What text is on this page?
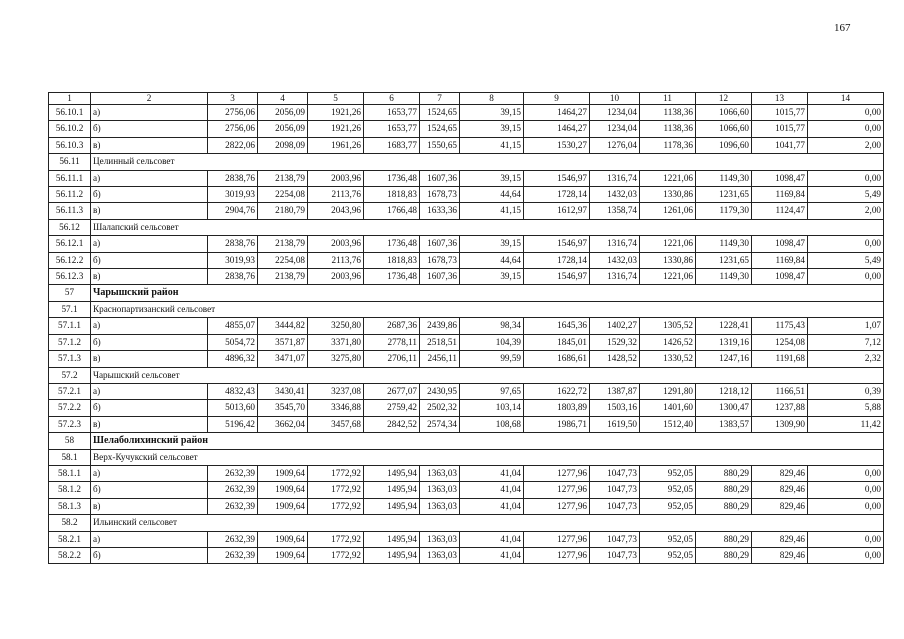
167
1	2	3	4	5	6	7	8	9	10	11	12	13	14
56.10.1	а)	2756,06	2056,09	1921,26	1653,77	1524,65	39,15	1464,27	1234,04	1138,36	1066,60	1015,77	0,00
56.10.2	б)	2756,06	2056,09	1921,26	1653,77	1524,65	39,15	1464,27	1234,04	1138,36	1066,60	1015,77	0,00
56.10.3	в)	2822,06	2098,09	1961,26	1683,77	1550,65	41,15	1530,27	1276,04	1178,36	1096,60	1041,77	2,00
56.11	Целинный сельсовет												
56.11.1	а)	2838,76	2138,79	2003,96	1736,48	1607,36	39,15	1546,97	1316,74	1221,06	1149,30	1098,47	0,00
56.11.2	б)	3019,93	2254,08	2113,76	1818,83	1678,73	44,64	1728,14	1432,03	1330,86	1231,65	1169,84	5,49
56.11.3	в)	2904,76	2180,79	2043,96	1766,48	1633,36	41,15	1612,97	1358,74	1261,06	1179,30	1124,47	2,00
56.12	Шалапский сельсовет												
56.12.1	а)	2838,76	2138,79	2003,96	1736,48	1607,36	39,15	1546,97	1316,74	1221,06	1149,30	1098,47	0,00
56.12.2	б)	3019,93	2254,08	2113,76	1818,83	1678,73	44,64	1728,14	1432,03	1330,86	1231,65	1169,84	5,49
56.12.3	в)	2838,76	2138,79	2003,96	1736,48	1607,36	39,15	1546,97	1316,74	1221,06	1149,30	1098,47	0,00
57	Чарышский район												
57.1	Краснопартизанский сельсовет												
57.1.1	а)	4855,07	3444,82	3250,80	2687,36	2439,86	98,34	1645,36	1402,27	1305,52	1228,41	1175,43	1,07
57.1.2	б)	5054,72	3571,87	3371,80	2778,11	2518,51	104,39	1845,01	1529,32	1426,52	1319,16	1254,08	7,12
57.1.3	в)	4896,32	3471,07	3275,80	2706,11	2456,11	99,59	1686,61	1428,52	1330,52	1247,16	1191,68	2,32
57.2	Чарышский сельсовет												
57.2.1	а)	4832,43	3430,41	3237,08	2677,07	2430,95	97,65	1622,72	1387,87	1291,80	1218,12	1166,51	0,39
57.2.2	б)	5013,60	3545,70	3346,88	2759,42	2502,32	103,14	1803,89	1503,16	1401,60	1300,47	1237,88	5,88
57.2.3	в)	5196,42	3662,04	3457,68	2842,52	2574,34	108,68	1986,71	1619,50	1512,40	1383,57	1309,90	11,42
58	Шелаболихинский район												
58.1	Верх-Кучукский сельсовет												
58.1.1	а)	2632,39	1909,64	1772,92	1495,94	1363,03	41,04	1277,96	1047,73	952,05	880,29	829,46	0,00
58.1.2	б)	2632,39	1909,64	1772,92	1495,94	1363,03	41,04	1277,96	1047,73	952,05	880,29	829,46	0,00
58.1.3	в)	2632,39	1909,64	1772,92	1495,94	1363,03	41,04	1277,96	1047,73	952,05	880,29	829,46	0,00
58.2	Ильинский сельсовет												
58.2.1	а)	2632,39	1909,64	1772,92	1495,94	1363,03	41,04	1277,96	1047,73	952,05	880,29	829,46	0,00
58.2.2	б)	2632,39	1909,64	1772,92	1495,94	1363,03	41,04	1277,96	1047,73	952,05	880,29	829,46	0,00
